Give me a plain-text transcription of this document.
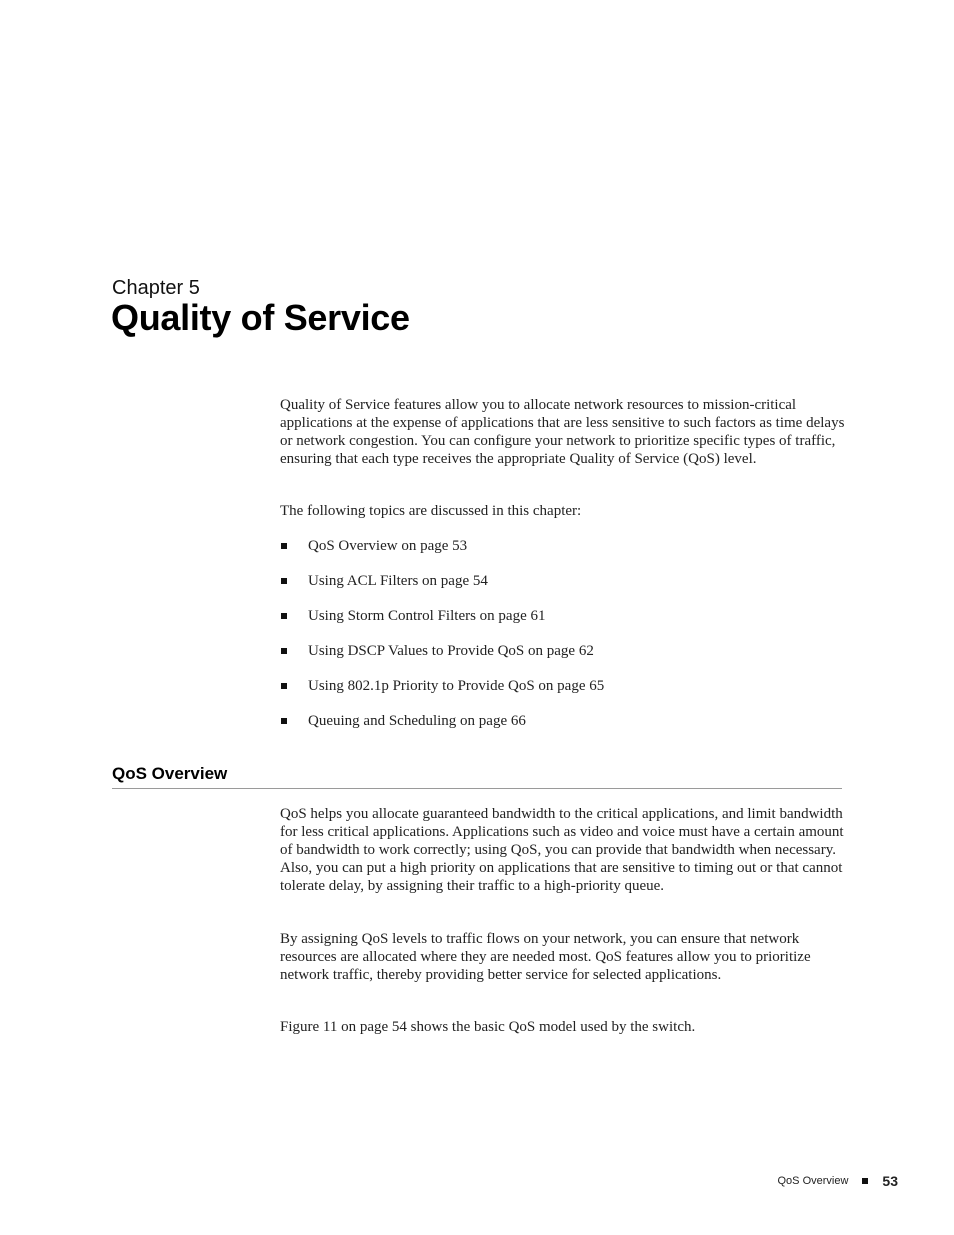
Chapter 5
Quality of Service

Quality of Service features allow you to allocate network resources to mission-critical applications at the expense of applications that are less sensitive to such factors as time delays or network congestion. You can configure your network to prioritize specific types of traffic, ensuring that each type receives the appropriate Quality of Service (QoS) level.

The following topics are discussed in this chapter:

QoS Overview on page 53
Using ACL Filters on page 54
Using Storm Control Filters on page 61
Using DSCP Values to Provide QoS on page 62
Using 802.1p Priority to Provide QoS on page 65
Queuing and Scheduling on page 66
QoS Overview

QoS helps you allocate guaranteed bandwidth to the critical applications, and limit bandwidth for less critical applications. Applications such as video and voice must have a certain amount of bandwidth to work correctly; using QoS, you can provide that bandwidth when necessary. Also, you can put a high priority on applications that are sensitive to timing out or that cannot tolerate delay, by assigning their traffic to a high-priority queue.

By assigning QoS levels to traffic flows on your network, you can ensure that network resources are allocated where they are needed most. QoS features allow you to prioritize network traffic, thereby providing better service for selected applications.

Figure 11 on page 54 shows the basic QoS model used by the switch.

QoS Overview 53
